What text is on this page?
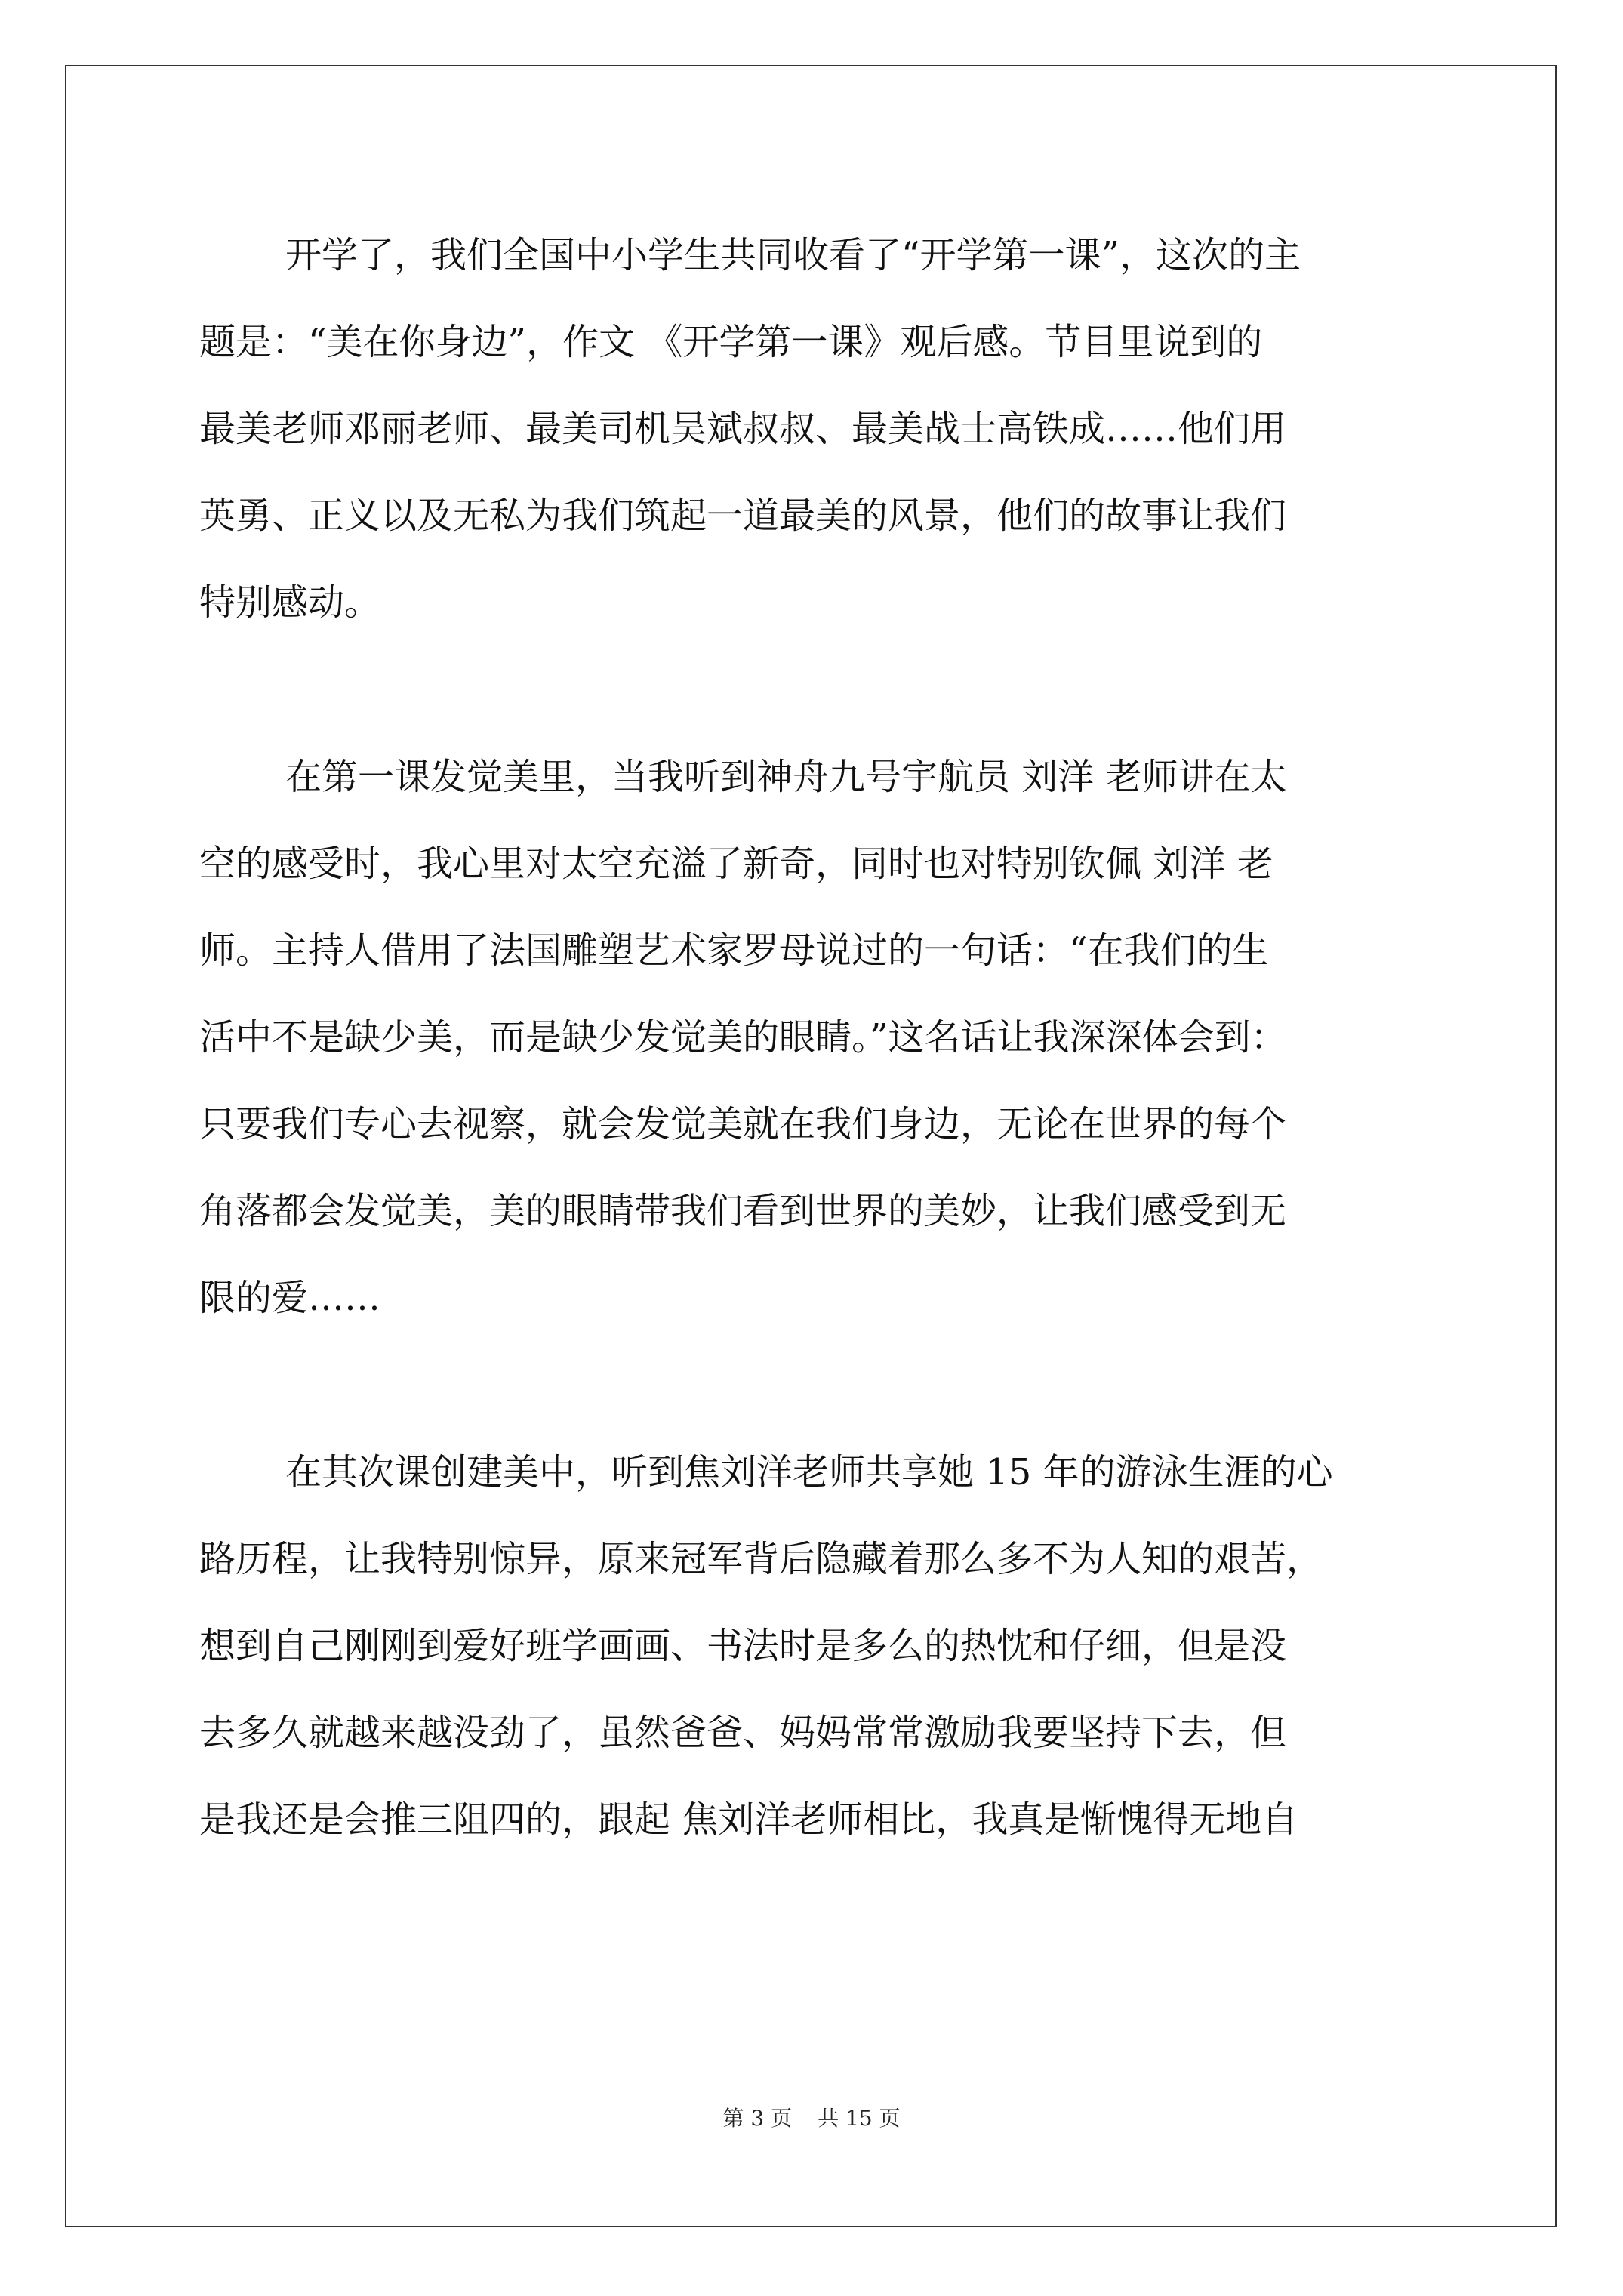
开学了，我们全国中小学生共同收看了“开学第一课”，这次的主
题是：“美在你身边”，作文 《开学第一课》观后感。节目里说到的
最美老师邓丽老师、最美司机吴斌叔叔、最美战士高铁成……他们用
英勇、正义以及无私为我们筑起一道最美的风景，他们的故事让我们
特别感动。
在第一课发觉美里，当我听到神舟九号宇航员 刘洋 老师讲在太
空的感受时，我心里对太空充溢了新奇，同时也对特别钦佩 刘洋 老
师。主持人借用了法国雕塑艺术家罗母说过的一句话：“在我们的生
活中不是缺少美，而是缺少发觉美的眼睛。”这名话让我深深体会到：
只要我们专心去视察，就会发觉美就在我们身边，无论在世界的每个
角落都会发觉美，美的眼睛带我们看到世界的美妙，让我们感受到无
限的爱……
在其次课创建美中，听到焦刘洋老师共享她 15 年的游泳生涯的心
路历程，让我特别惊异，原来冠军背后隐藏着那么多不为人知的艰苦，
想到自己刚刚到爱好班学画画、书法时是多么的热忱和仔细，但是没
去多久就越来越没劲了，虽然爸爸、妈妈常常激励我要坚持下去，但
是我还是会推三阻四的，跟起 焦刘洋老师相比，我真是惭愧得无地自
第 3 页 共 15 页
